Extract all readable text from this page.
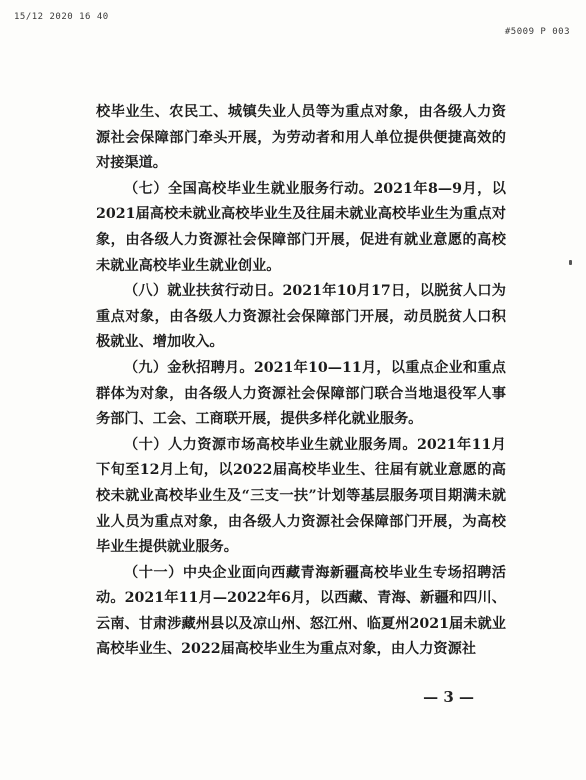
15/12 2020 16 40
#5009 P 003

校毕业生、农民工、城镇失业人员等为重点对象，由各级人力资源社会保障部门牵头开展，为劳动者和用人单位提供便捷高效的对接渠道。

（七）全国高校毕业生就业服务行动。2021年8—9月，以2021届高校未就业高校毕业生及往届未就业高校毕业生为重点对象，由各级人力资源社会保障部门开展，促进有就业意愿的高校未就业高校毕业生就业创业。

（八）就业扶贫行动日。2021年10月17日，以脱贫人口为重点对象，由各级人力资源社会保障部门开展，动员脱贫人口积极就业、增加收入。

（九）金秋招聘月。2021年10—11月，以重点企业和重点群体为对象，由各级人力资源社会保障部门联合当地退役军人事务部门、工会、工商联开展，提供多样化就业服务。

（十）人力资源市场高校毕业生就业服务周。2021年11月下旬至12月上旬，以2022届高校毕业生、往届有就业意愿的高校未就业高校毕业生及“三支一扶”计划等基层服务项目期满未就业人员为重点对象，由各级人力资源社会保障部门开展，为高校毕业生提供就业服务。

（十一）中央企业面向西藏青海新疆高校毕业生专场招聘活动。2021年11月—2022年6月，以西藏、青海、新疆和四川、云南、甘肃涉藏州县以及凉山州、怒江州、临夏州2021届未就业高校毕业生、2022届高校毕业生为重点对象，由人力资源社

— 3 —
